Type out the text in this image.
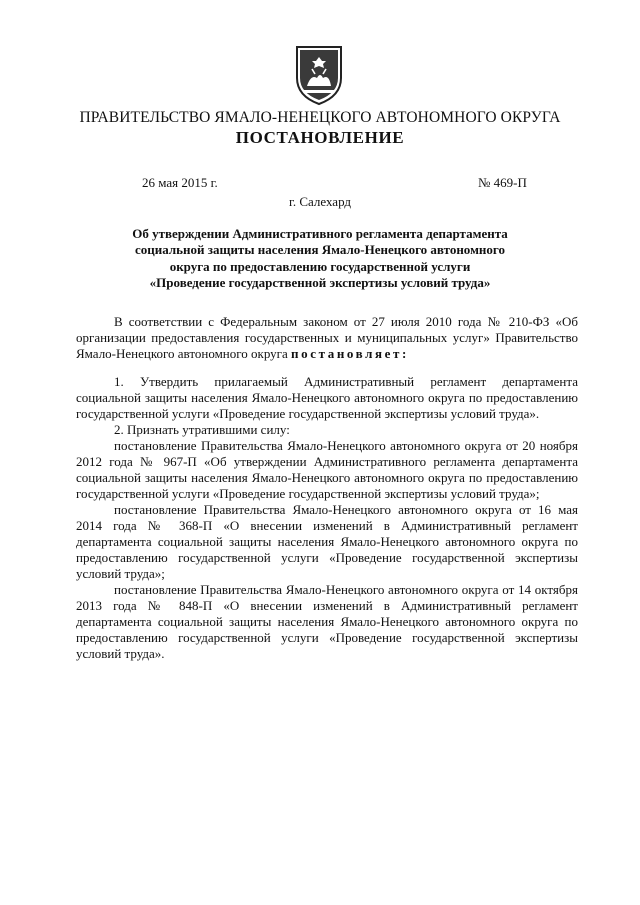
ПРАВИТЕЛЬСТВО ЯМАЛО-НЕНЕЦКОГО АВТОНОМНОГО ОКРУГА
ПОСТАНОВЛЕНИЕ
26 мая 2015 г.	№ 469-П
г. Салехард
Об утверждении Административного регламента департамента
социальной защиты населения Ямало-Ненецкого автономного
округа по предоставлению государственной услуги
«Проведение государственной экспертизы условий труда»

В соответствии с Федеральным законом от 27 июля 2010 года № 210-ФЗ «Об организации предоставления государственных и муниципальных услуг» Правительство Ямало-Ненецкого автономного округа постановляет:

1. Утвердить прилагаемый Административный регламент департамента социальной защиты населения Ямало-Ненецкого автономного округа по предоставлению государственной услуги «Проведение государственной экспертизы условий труда».

2. Признать утратившими силу:

постановление Правительства Ямало-Ненецкого автономного округа от 20 ноября 2012 года № 967-П «Об утверждении Административного регламента департамента социальной защиты населения Ямало-Ненецкого автономного округа по предоставлению государственной услуги «Проведение государственной экспертизы условий труда»;

постановление Правительства Ямало-Ненецкого автономного округа от 16 мая 2014 года № 368-П «О внесении изменений в Административный регламент департамента социальной защиты населения Ямало-Ненецкого автономного округа по предоставлению государственной услуги «Проведение государственной экспертизы условий труда»;

постановление Правительства Ямало-Ненецкого автономного округа от 14 октября 2013 года № 848-П «О внесении изменений в Административный регламент департамента социальной защиты населения Ямало-Ненецкого автономного округа по предоставлению государственной услуги «Проведение государственной экспертизы условий труда».
